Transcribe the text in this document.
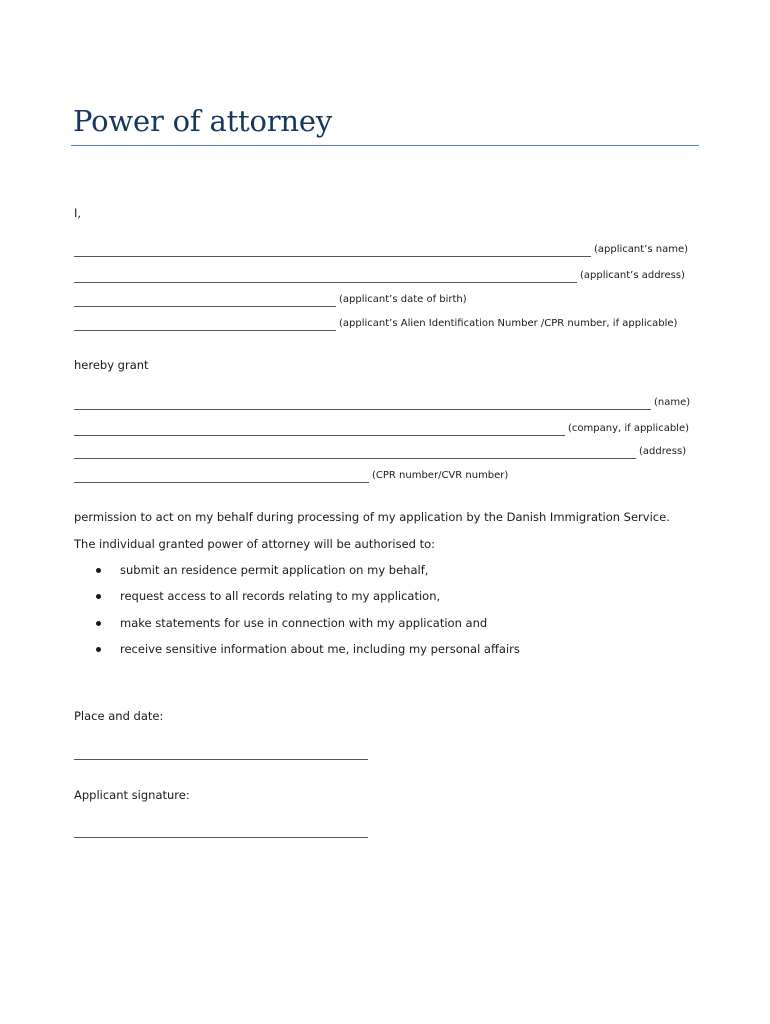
Power of attorney
I,
(applicant’s name)
(applicant’s address)
(applicant’s date of birth)
(applicant’s Alien Identification Number /CPR number, if applicable)
hereby grant
(name)
(company, if applicable)
(address)
(CPR number/CVR number)
permission to act on my behalf during processing of my application by the Danish Immigration Service.
The individual granted power of attorney will be authorised to:
submit an residence permit application on my behalf,
request access to all records relating to my application,
make statements for use in connection with my application and
receive sensitive information about me, including my personal affairs
Place and date:
Applicant signature:
